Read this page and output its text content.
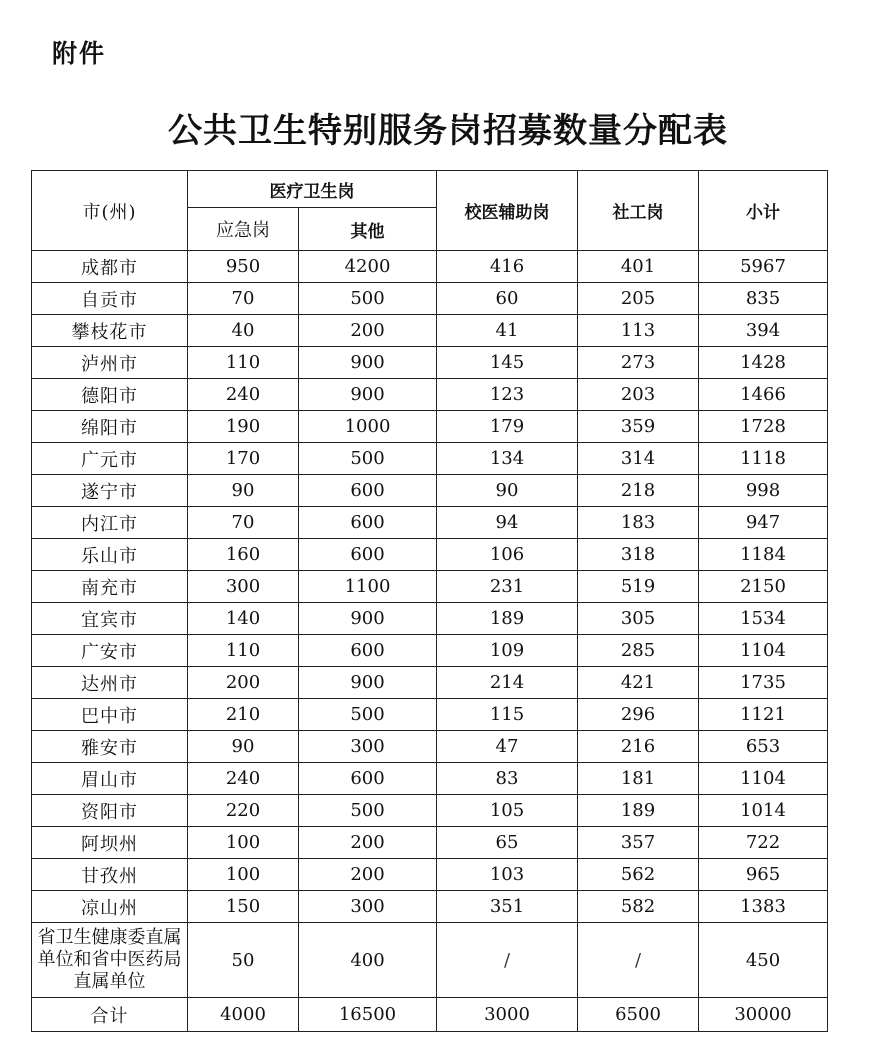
附件
公共卫生特别服务岗招募数量分配表
市(州)	医疗卫生岗		校医辅助岗	社工岗	小计
	应急岗	其他			
成都市	950	4200	416	401	5967
自贡市	70	500	60	205	835
攀枝花市	40	200	41	113	394
泸州市	110	900	145	273	1428
德阳市	240	900	123	203	1466
绵阳市	190	1000	179	359	1728
广元市	170	500	134	314	1118
遂宁市	90	600	90	218	998
内江市	70	600	94	183	947
乐山市	160	600	106	318	1184
南充市	300	1100	231	519	2150
宜宾市	140	900	189	305	1534
广安市	110	600	109	285	1104
达州市	200	900	214	421	1735
巴中市	210	500	115	296	1121
雅安市	90	300	47	216	653
眉山市	240	600	83	181	1104
资阳市	220	500	105	189	1014
阿坝州	100	200	65	357	722
甘孜州	100	200	103	562	965
凉山州	150	300	351	582	1383

省卫生健康委直属
单位和省中医药局
直属单位	50	400	/	/	450
合计	4000	16500	3000	6500	30000
